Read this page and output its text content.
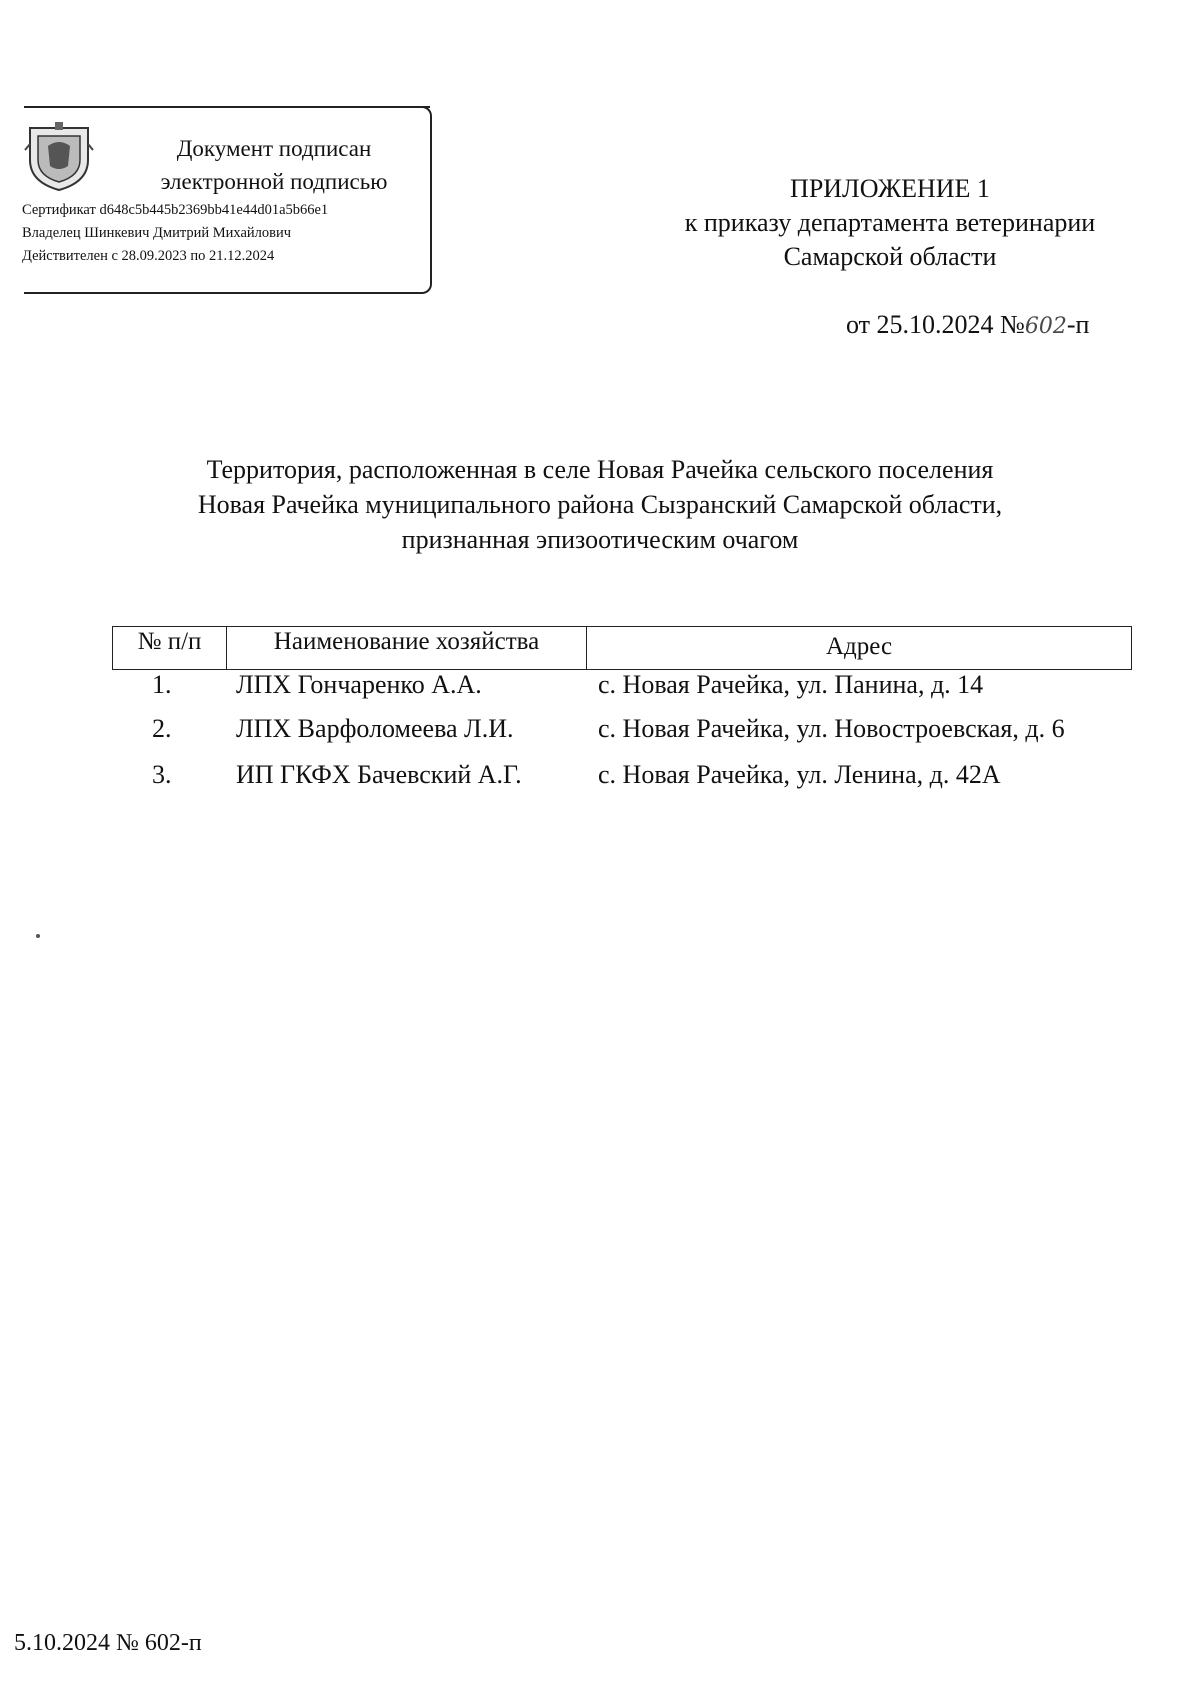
Документ подписан
электронной подписью
Сертификат d648c5b445b2369bb41e44d01a5b66e1
Владелец Шинкевич Дмитрий Михайлович
Действителен с 28.09.2023 по 21.12.2024
ПРИЛОЖЕНИЕ 1
к приказу департамента ветеринарии
Самарской области
от 25.10.2024 №602-п
Территория, расположенная в селе Новая Рачейка сельского поселения
Новая Рачейка муниципального района Сызранский Самарской области,
признанная эпизоотическим очагом
№ п/п	Наименование хозяйства	Адрес
1. ЛПХ Гончаренко А.А.	с. Новая Рачейка, ул. Панина, д. 14
2. ЛПХ Варфоломеева Л.И.	с. Новая Рачейка, ул. Новостроевская, д. 6
3. ИП ГКФХ Бачевский А.Г.	с. Новая Рачейка, ул. Ленина, д. 42А
5.10.2024 № 602-п
